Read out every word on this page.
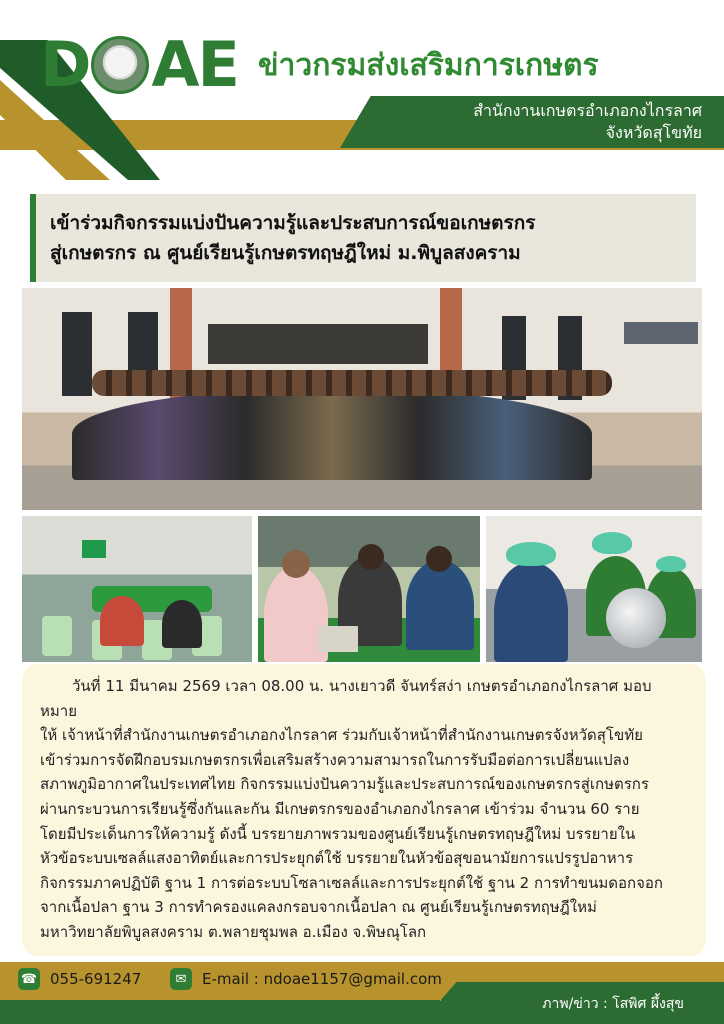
D AE ข่าวกรมส่งเสริมการเกษตร
สำนักงานเกษตรอำเภอกงไกรลาศ
จังหวัดสุโขทัย

เข้าร่วมกิจกรรมแบ่งปันความรู้และประสบการณ์ขอเกษตรกร

สู่เกษตรกร ณ ศูนย์เรียนรู้เกษตรทฤษฎีใหม่ ม.พิบูลสงคราม

วันที่ 11 มีนาคม 2569 เวลา 08.00 น. นางเยาวดี จันทร์สง่า เกษตรอำเภอกงไกรลาศ มอบหมาย
ให้ เจ้าหน้าที่สำนักงานเกษตรอำเภอกงไกรลาศ ร่วมกับเจ้าหน้าที่สำนักงานเกษตรจังหวัดสุโขทัย
เข้าร่วมการจัดฝึกอบรมเกษตรกรเพื่อเสริมสร้างความสามารถในการรับมือต่อการเปลี่ยนแปลง
สภาพภูมิอากาศในประเทศไทย กิจกรรมแบ่งปันความรู้และประสบการณ์ของเกษตรกรสู่เกษตรกร
ผ่านกระบวนการเรียนรู้ซึ่งกันและกัน มีเกษตรกรของอำเภอกงไกรลาศ เข้าร่วม จำนวน 60 ราย
โดยมีประเด็นการให้ความรู้ ดังนี้ บรรยายภาพรวมของศูนย์เรียนรู้เกษตรทฤษฎีใหม่ บรรยายใน
หัวข้อระบบเซลล์แสงอาทิตย์และการประยุกต์ใช้ บรรยายในหัวข้อสุขอนามัยการแปรรูปอาหาร
กิจกรรมภาคปฏิบัติ ฐาน 1 การต่อระบบโซลาเซลล์และการประยุกต์ใช้ ฐาน 2 การทำขนมดอกจอก
จากเนื้อปลา ฐาน 3 การทำครองแคลงกรอบจากเนื้อปลา ณ ศูนย์เรียนรู้เกษตรทฤษฎีใหม่
มหาวิทยาลัยพิบูลสงคราม ต.พลายชุมพล อ.เมือง จ.พิษณุโลก

☎ 055-691247	✉	E-mail : ndoae1157@gmail.com
ภาพ/ข่าว : โสพิศ ผึ้งสุข
